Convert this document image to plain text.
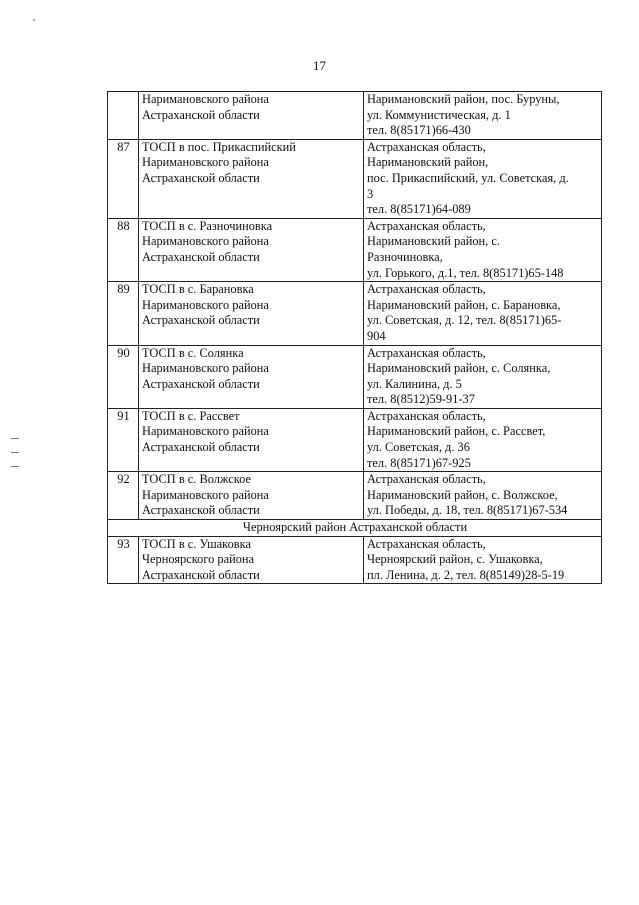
17

	Наримановского района
Астраханской области	Наримановский район, пос. Буруны,
ул. Коммунистическая, д. 1
тел. 8(85171)66-430

87	ТОСП в пос. Прикаспийский
Наримановского района
Астраханской области	Астраханская область,
Наримановский район,
пос. Прикаспийский, ул. Советская, д.
3
тел. 8(85171)64-089

88	ТОСП в с. Разночиновка
Наримановского района
Астраханской области	Астраханская область,
Наримановский район, с.
Разночиновка,
ул. Горького, д.1, тел. 8(85171)65-148

89	ТОСП в с. Барановка
Наримановского района
Астраханской области	Астраханская область,
Наримановский район, с. Барановка,
ул. Советская, д. 12, тел. 8(85171)65-
904

90	ТОСП в с. Солянка
Наримановского района
Астраханской области	Астраханская область,
Наримановский район, с. Солянка,
ул. Калинина, д. 5
тел. 8(8512)59-91-37

91	ТОСП в с. Рассвет
Наримановского района
Астраханской области	Астраханская область,
Наримановский район, с. Рассвет,
ул. Советская, д. 36
тел. 8(85171)67-925

92	ТОСП в с. Волжское
Наримановского района
Астраханской области	Астраханская область,
Наримановский район, с. Волжское,
ул. Победы, д. 18, тел. 8(85171)67-534

Черноярский район Астраханской области		
93	ТОСП в с. Ушаковка
Черноярского района
Астраханской области	Астраханская область,
Черноярский район, с. Ушаковка,
пл. Ленина, д. 2, тел. 8(85149)28-5-19
